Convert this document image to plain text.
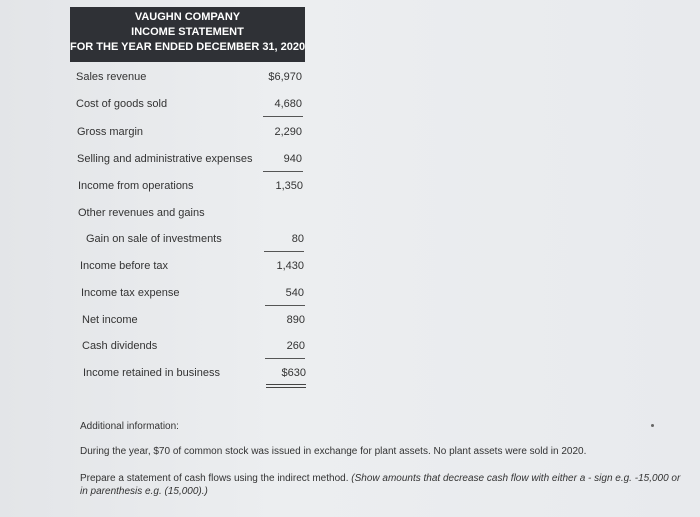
VAUGHN COMPANY
INCOME STATEMENT
FOR THE YEAR ENDED DECEMBER 31, 2020
Sales revenue
Cost of goods sold
Gross margin
Selling and administrative expenses
Income from operations
Other revenues and gains
Gain on sale of investments
Income before tax
Income tax expense
Net income
Cash dividends
Income retained in business
$6,970
4,680
2,290
940
1,350
80
1,430
540
890
260
$630
Additional information:
During the year, $70 of common stock was issued in exchange for plant assets. No plant assets were sold in 2020.
Prepare a statement of cash flows using the indirect method. (Show amounts that decrease cash flow with either a - sign e.g. -15,000 or in parenthesis e.g. (15,000).)
